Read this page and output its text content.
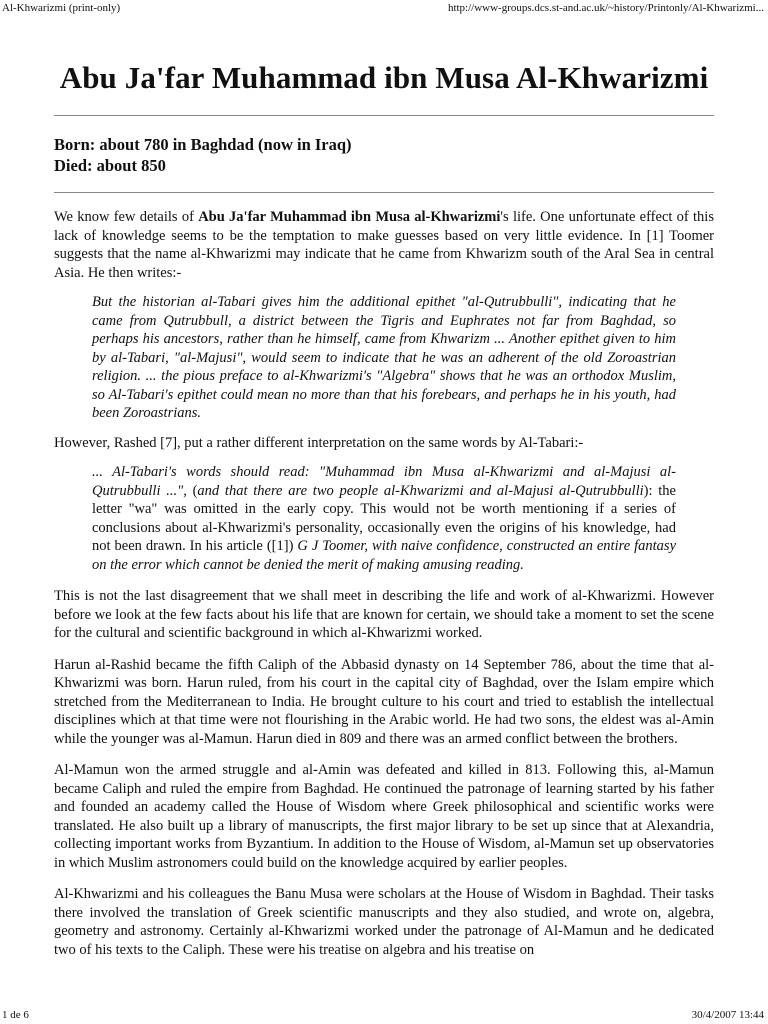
Al-Khwarizmi (print-only)	http://www-groups.dcs.st-and.ac.uk/~history/Printonly/Al-Khwarizmi...
Abu Ja'far Muhammad ibn Musa Al-Khwarizmi
Born: about 780 in Baghdad (now in Iraq)
Died: about 850

We know few details of Abu Ja'far Muhammad ibn Musa al-Khwarizmi's life. One unfortunate effect of this lack of knowledge seems to be the temptation to make guesses based on very little evidence. In [1] Toomer suggests that the name al-Khwarizmi may indicate that he came from Khwarizm south of the Aral Sea in central Asia. He then writes:-

But the historian al-Tabari gives him the additional epithet "al-Qutrubbulli", indicating that he came from Qutrubbull, a district between the Tigris and Euphrates not far from Baghdad, so perhaps his ancestors, rather than he himself, came from Khwarizm ... Another epithet given to him by al-Tabari, "al-Majusi", would seem to indicate that he was an adherent of the old Zoroastrian religion. ... the pious preface to al-Khwarizmi's "Algebra" shows that he was an orthodox Muslim, so Al-Tabari's epithet could mean no more than that his forebears, and perhaps he in his youth, had been Zoroastrians.

However, Rashed [7], put a rather different interpretation on the same words by Al-Tabari:-

... Al-Tabari's words should read: "Muhammad ibn Musa al-Khwarizmi and al-Majusi al-Qutrubbulli ...", (and that there are two people al-Khwarizmi and al-Majusi al-Qutrubbulli): the letter "wa" was omitted in the early copy. This would not be worth mentioning if a series of conclusions about al-Khwarizmi's personality, occasionally even the origins of his knowledge, had not been drawn. In his article ([1]) G J Toomer, with naive confidence, constructed an entire fantasy on the error which cannot be denied the merit of making amusing reading.

This is not the last disagreement that we shall meet in describing the life and work of al-Khwarizmi. However before we look at the few facts about his life that are known for certain, we should take a moment to set the scene for the cultural and scientific background in which al-Khwarizmi worked.

Harun al-Rashid became the fifth Caliph of the Abbasid dynasty on 14 September 786, about the time that al-Khwarizmi was born. Harun ruled, from his court in the capital city of Baghdad, over the Islam empire which stretched from the Mediterranean to India. He brought culture to his court and tried to establish the intellectual disciplines which at that time were not flourishing in the Arabic world. He had two sons, the eldest was al-Amin while the younger was al-Mamun. Harun died in 809 and there was an armed conflict between the brothers.

Al-Mamun won the armed struggle and al-Amin was defeated and killed in 813. Following this, al-Mamun became Caliph and ruled the empire from Baghdad. He continued the patronage of learning started by his father and founded an academy called the House of Wisdom where Greek philosophical and scientific works were translated. He also built up a library of manuscripts, the first major library to be set up since that at Alexandria, collecting important works from Byzantium. In addition to the House of Wisdom, al-Mamun set up observatories in which Muslim astronomers could build on the knowledge acquired by earlier peoples.

Al-Khwarizmi and his colleagues the Banu Musa were scholars at the House of Wisdom in Baghdad. Their tasks there involved the translation of Greek scientific manuscripts and they also studied, and wrote on, algebra, geometry and astronomy. Certainly al-Khwarizmi worked under the patronage of Al-Mamun and he dedicated two of his texts to the Caliph. These were his treatise on algebra and his treatise on

1 de 6	30/4/2007 13:44
